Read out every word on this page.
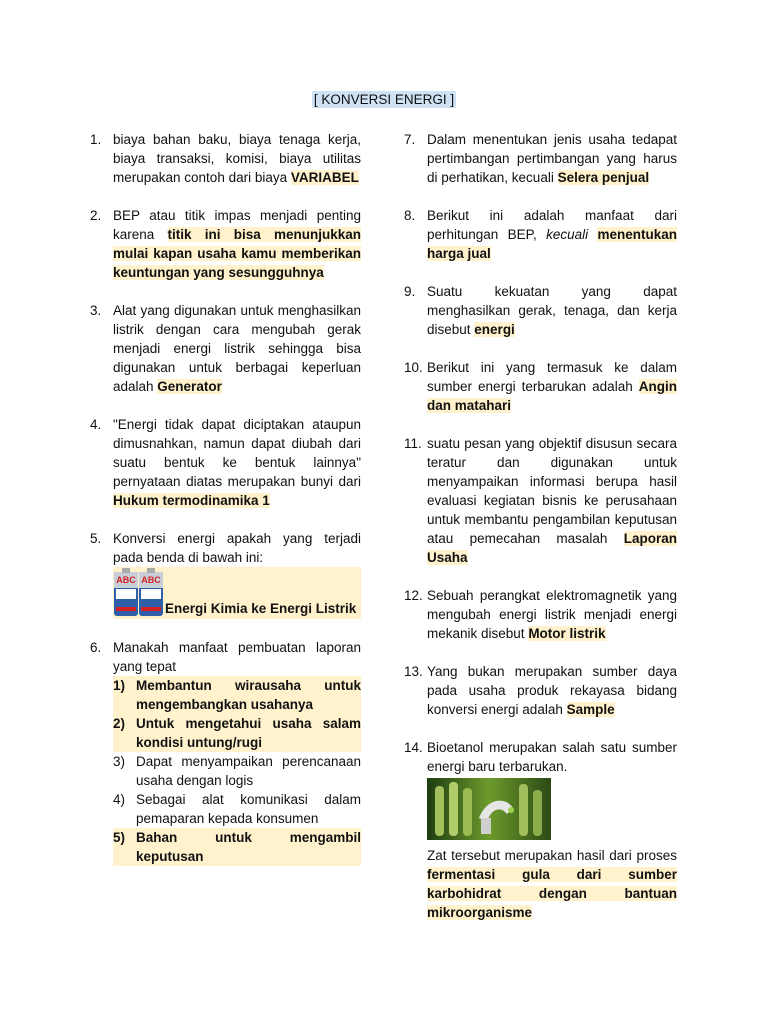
[ KONVERSI ENERGI ]
1. biaya bahan baku, biaya tenaga kerja, biaya transaksi, komisi, biaya utilitas merupakan contoh dari biaya VARIABEL
2. BEP atau titik impas menjadi penting karena titik ini bisa menunjukkan mulai kapan usaha kamu memberikan keuntungan yang sesungguhnya
3. Alat yang digunakan untuk menghasilkan listrik dengan cara mengubah gerak menjadi energi listrik sehingga bisa digunakan untuk berbagai keperluan adalah Generator
4. "Energi tidak dapat diciptakan ataupun dimusnahkan, namun dapat diubah dari suatu bentuk ke bentuk lainnya" pernyataan diatas merupakan bunyi dari Hukum termodinamika 1
5. Konversi energi apakah yang terjadi pada benda di bawah ini:
ABC ABC
Energi Kimia ke Energi Listrik
6. Manakah manfaat pembuatan laporan yang tepat
1) Membantun wirausaha untuk mengembangkan usahanya
2) Untuk mengetahui usaha salam kondisi untung/rugi
3) Dapat menyampaikan perencanaan usaha dengan logis
4) Sebagai alat komunikasi dalam pemaparan kepada konsumen
5) Bahan untuk mengambil keputusan
7. Dalam menentukan jenis usaha tedapat pertimbangan pertimbangan yang harus di perhatikan, kecuali Selera penjual
8. Berikut ini adalah manfaat dari perhitungan BEP, kecuali menentukan harga jual
9. Suatu kekuatan yang dapat menghasilkan gerak, tenaga, dan kerja disebut energi
10. Berikut ini yang termasuk ke dalam sumber energi terbarukan adalah Angin dan matahari
11. suatu pesan yang objektif disusun secara teratur dan digunakan untuk menyampaikan informasi berupa hasil evaluasi kegiatan bisnis ke perusahaan untuk membantu pengambilan keputusan atau pemecahan masalah Laporan Usaha
12. Sebuah perangkat elektromagnetik yang mengubah energi listrik menjadi energi mekanik disebut Motor listrik
13. Yang bukan merupakan sumber daya pada usaha produk rekayasa bidang konversi energi adalah Sample
14. Bioetanol merupakan salah satu sumber energi baru terbarukan.
Zat tersebut merupakan hasil dari proses fermentasi gula dari sumber karbohidrat dengan bantuan mikroorganisme
